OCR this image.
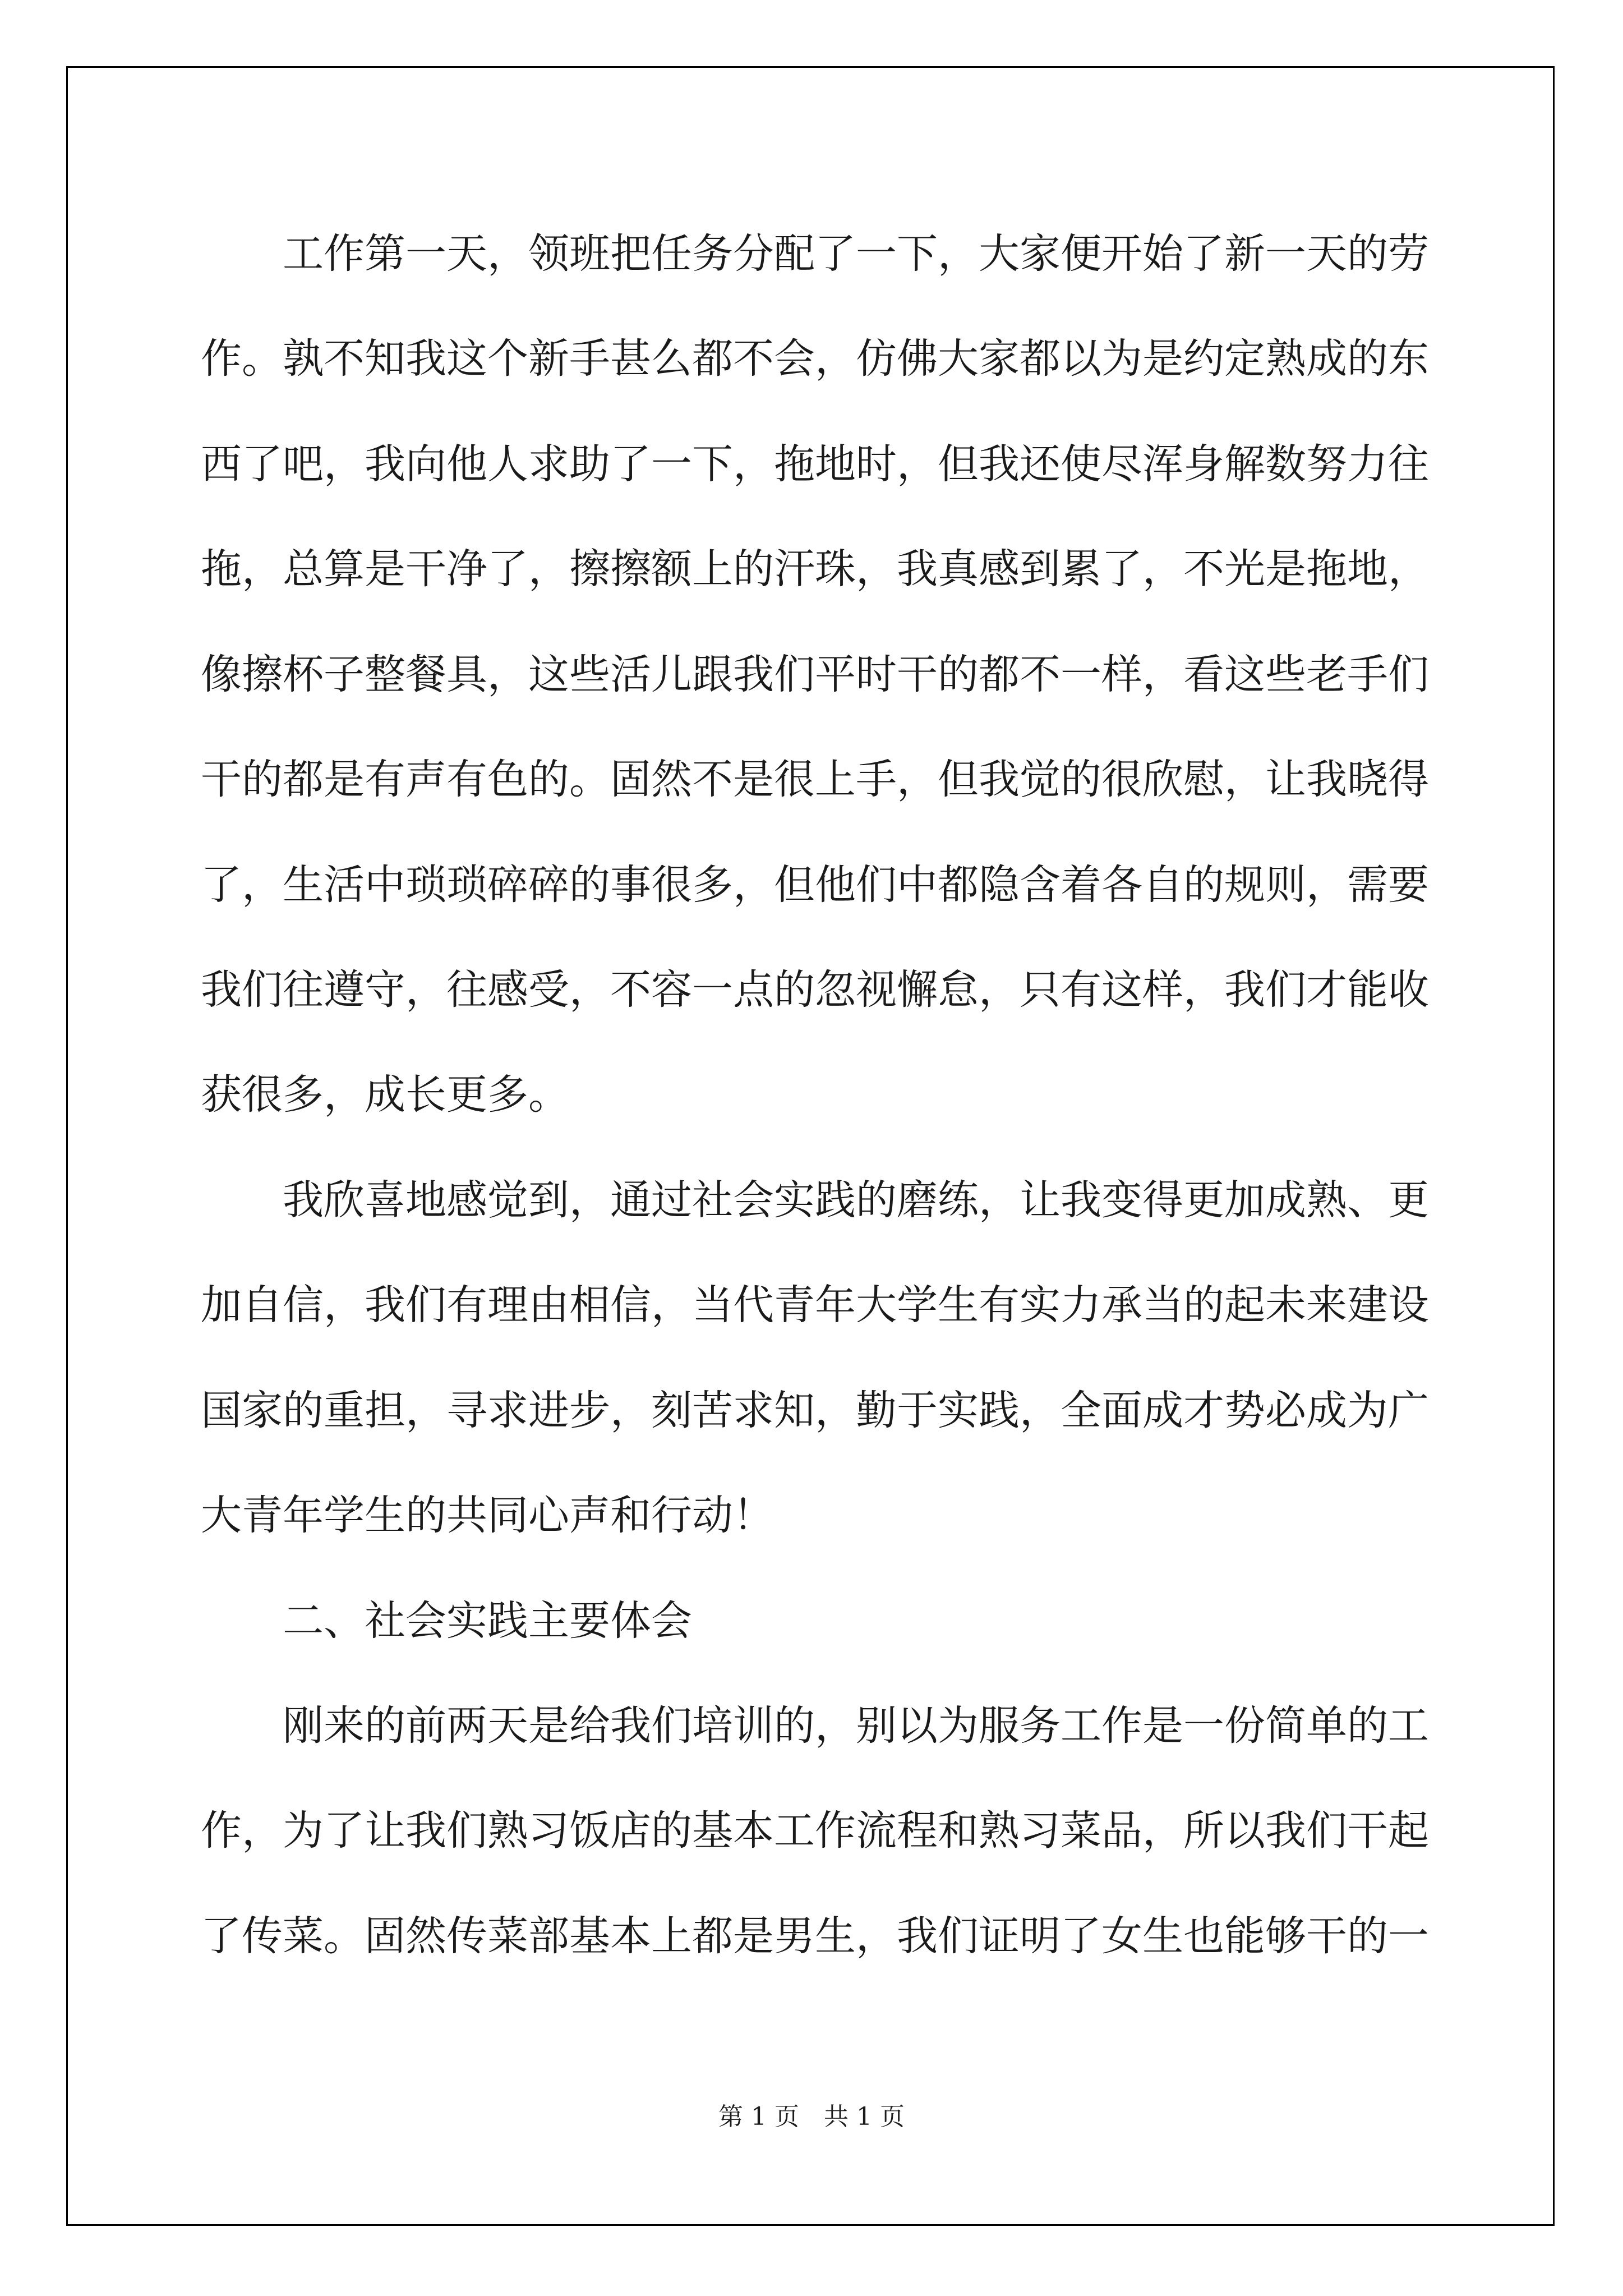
　　工作第一天，领班把任务分配了一下，大家便开始了新一天的劳

作。孰不知我这个新手甚么都不会，仿佛大家都以为是约定熟成的东

西了吧，我向他人求助了一下，拖地时，但我还使尽浑身解数努力往

拖，总算是干净了，擦擦额上的汗珠，我真感到累了，不光是拖地，

像擦杯子整餐具，这些活儿跟我们平时干的都不一样，看这些老手们

干的都是有声有色的。固然不是很上手，但我觉的很欣慰，让我晓得

了，生活中琐琐碎碎的事很多，但他们中都隐含着各自的规则，需要

我们往遵守，往感受，不容一点的忽视懈怠，只有这样，我们才能收

获很多，成长更多。

　　我欣喜地感觉到，通过社会实践的磨练，让我变得更加成熟、更

加自信，我们有理由相信，当代青年大学生有实力承当的起未来建设

国家的重担，寻求进步，刻苦求知，勤于实践，全面成才势必成为广

大青年学生的共同心声和行动！

　　二、社会实践主要体会

　　刚来的前两天是给我们培训的，别以为服务工作是一份简单的工

作，为了让我们熟习饭店的基本工作流程和熟习菜品，所以我们干起

了传菜。固然传菜部基本上都是男生，我们证明了女生也能够干的一

第 1 页 共 1 页
